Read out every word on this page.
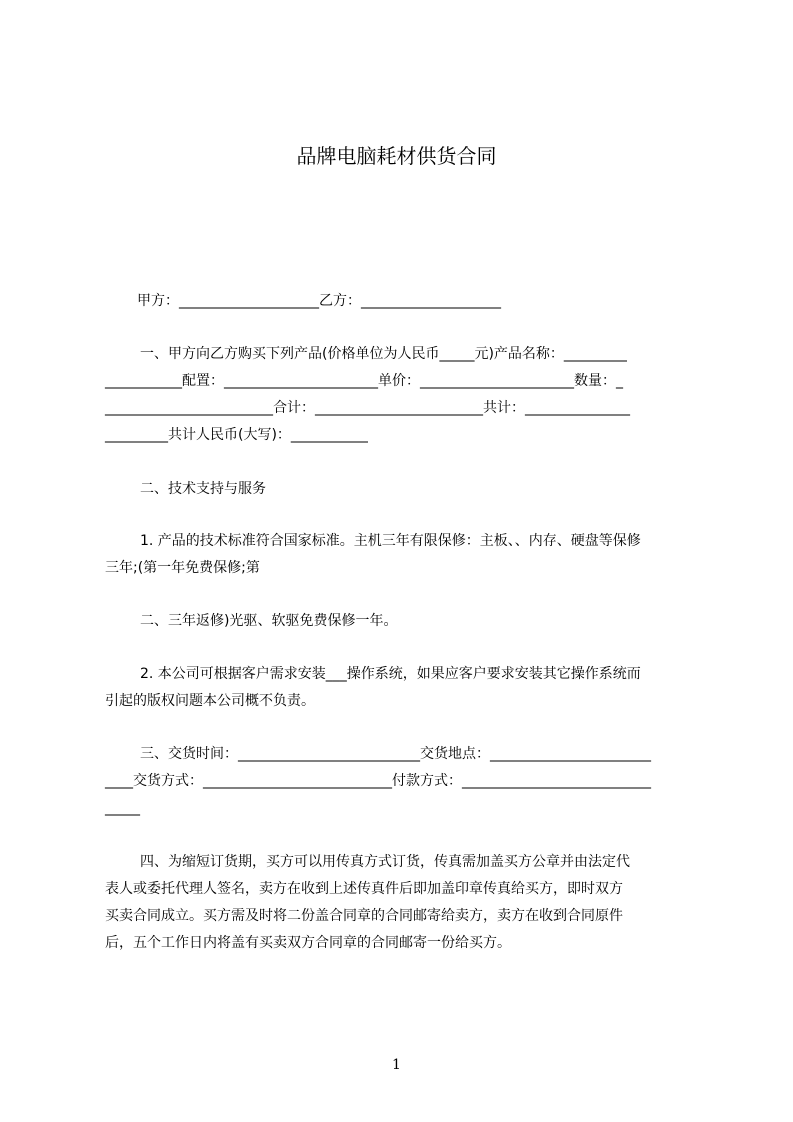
品牌电脑耗材供货合同
甲方：____________________乙方：____________________
一、甲方向乙方购买下列产品(价格单位为人民币_____元)产品名称：_________
___________配置：______________________单价：______________________数量：_
________________________合计：________________________共计：_______________
_________共计人民币(大写)：___________
二、技术支持与服务
1. 产品的技术标准符合国家标准。主机三年有限保修：主板、、内存、硬盘等保修
三年;(第一年免费保修;第
二、三年返修)光驱、软驱免费保修一年。
2. 本公司可根据客户需求安装___操作系统，如果应客户要求安装其它操作系统而
引起的版权问题本公司概不负责。
三、交货时间：__________________________交货地点：_______________________
____交货方式：___________________________付款方式：___________________________
_____
四、为缩短订货期，买方可以用传真方式订货，传真需加盖买方公章并由法定代
表人或委托代理人签名，卖方在收到上述传真件后即加盖印章传真给买方，即时双方
买卖合同成立。买方需及时将二份盖合同章的合同邮寄给卖方，卖方在收到合同原件
后，五个工作日内将盖有买卖双方合同章的合同邮寄一份给买方。
1
